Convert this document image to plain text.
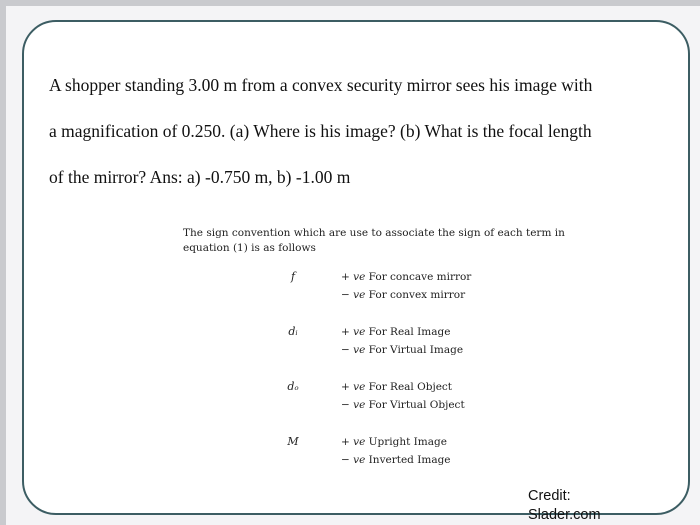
A shopper standing 3.00 m from a convex security mirror sees his image with

a magnification of 0.250. (a) Where is his image? (b) What is the focal length

of the mirror? Ans: a) -0.750 m, b) -1.00 m

The sign convention which are use to associate the sign of each term in

equation (1) is as follows

f	+ ve For concave mirror
− ve For convex mirror
dᵢ	+ ve For Real Image
− ve For Virtual Image
dₒ	+ ve For Real Object
− ve For Virtual Object
M	+ ve Upright Image
− ve Inverted Image
Credit:
Slader.com
